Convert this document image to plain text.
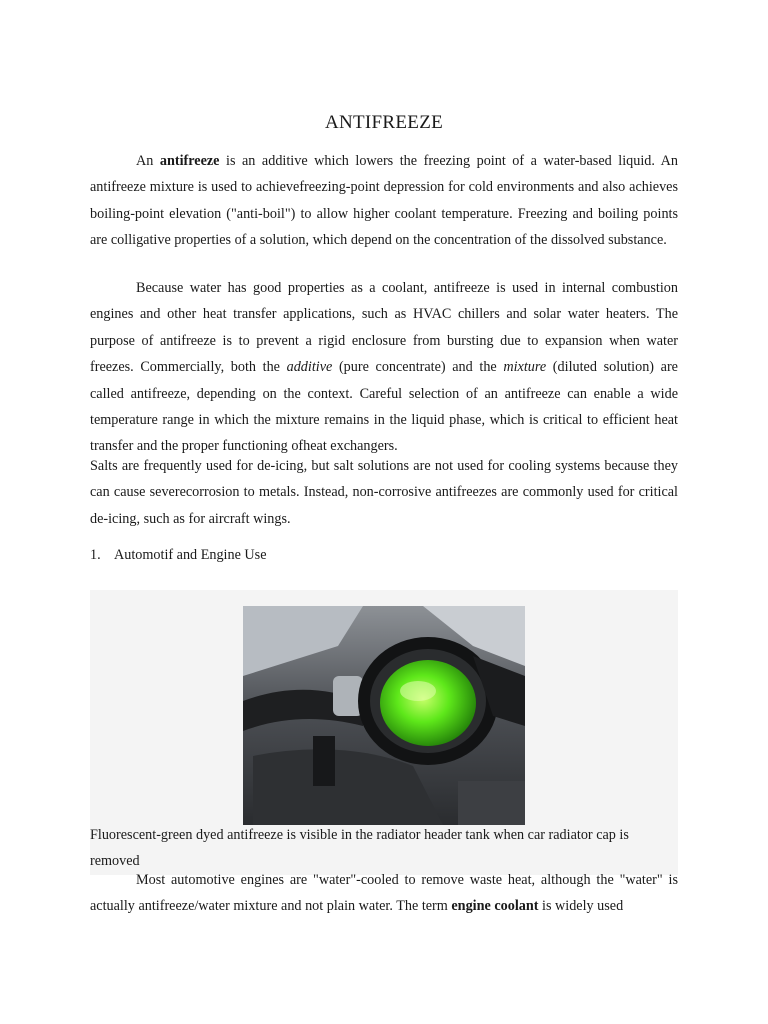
ANTIFREEZE

An antifreeze is an additive which lowers the freezing point of a water-based liquid. An antifreeze mixture is used to achievefreezing-point depression for cold environments and also achieves boiling-point elevation ("anti-boil") to allow higher coolant temperature. Freezing and boiling points are colligative properties of a solution, which depend on the concentration of the dissolved substance.

Because water has good properties as a coolant, antifreeze is used in internal combustion engines and other heat transfer applications, such as HVAC chillers and solar water heaters. The purpose of antifreeze is to prevent a rigid enclosure from bursting due to expansion when water freezes. Commercially, both the additive (pure concentrate) and the mixture (diluted solution) are called antifreeze, depending on the context. Careful selection of an antifreeze can enable a wide temperature range in which the mixture remains in the liquid phase, which is critical to efficient heat transfer and the proper functioning ofheat exchangers.

Salts are frequently used for de-icing, but salt solutions are not used for cooling systems because they can cause severecorrosion to metals. Instead, non-corrosive antifreezes are commonly used for critical de-icing, such as for aircraft wings.

1. Automotif and Engine Use
Fluorescent-green dyed antifreeze is visible in the radiator header tank when car radiator cap is removed

Most automotive engines are "water"-cooled to remove waste heat, although the "water" is actually antifreeze/water mixture and not plain water. The term engine coolant is widely used
